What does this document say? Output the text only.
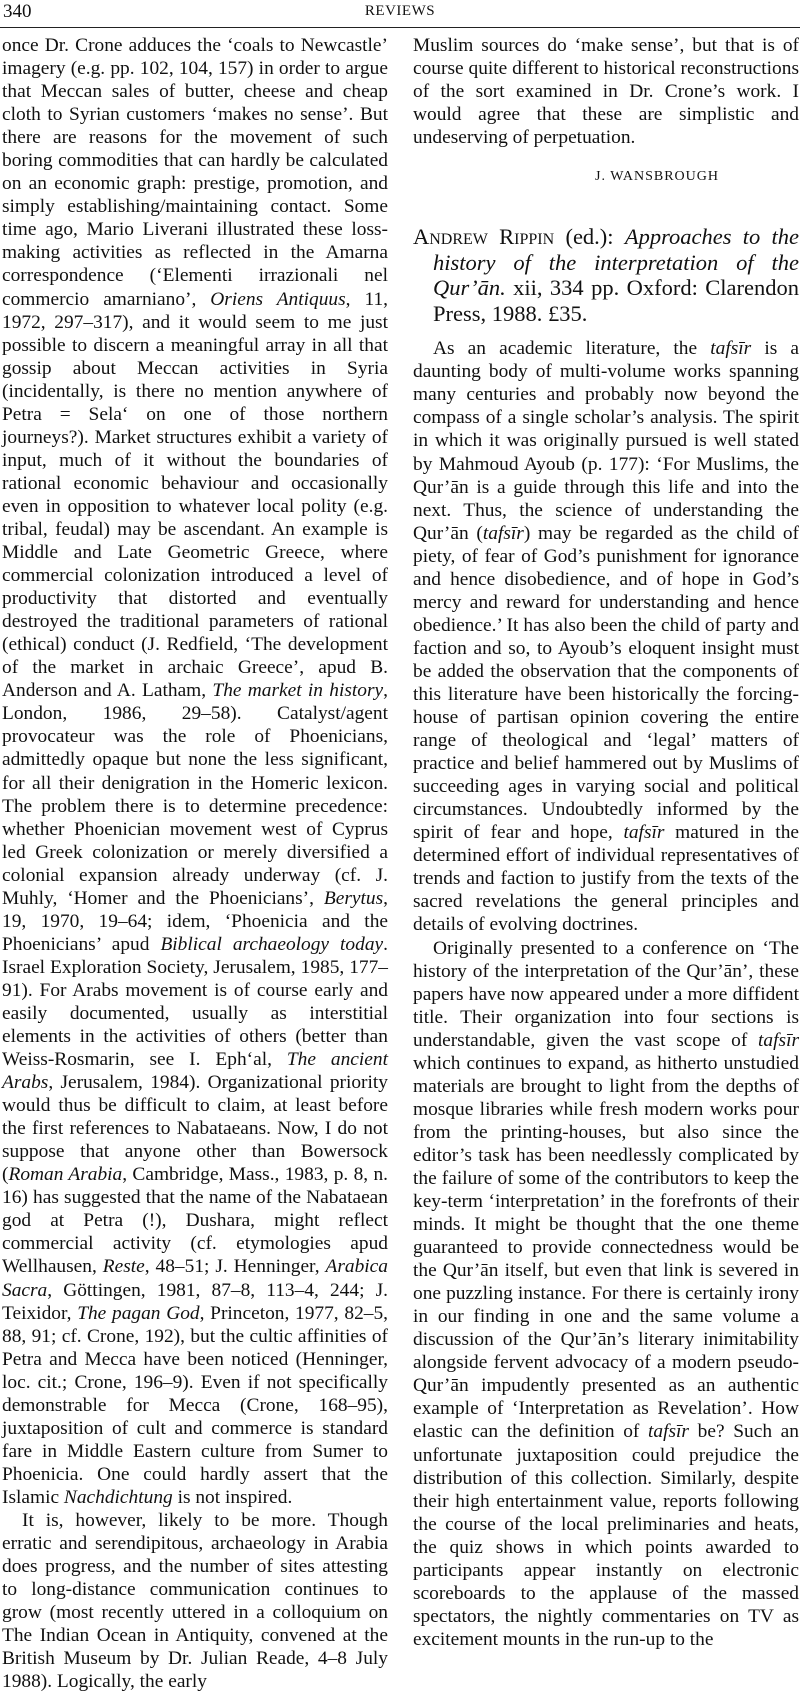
340	REVIEWS

once Dr. Crone adduces the ‘coals to Newcastle’ imagery (e.g. pp. 102, 104, 157) in order to argue that Meccan sales of butter, cheese and cheap cloth to Syrian customers ‘makes no sense’. But there are reasons for the movement of such boring commodities that can hardly be calculated on an economic graph: prestige, promotion, and simply establishing/maintaining contact. Some time ago, Mario Liverani illustrated these loss-making activities as reflected in the Amarna correspondence (‘Elementi irrazionali nel commercio amarniano’, Oriens Antiquus, 11, 1972, 297–317), and it would seem to me just possible to discern a meaningful array in all that gossip about Meccan activities in Syria (incidentally, is there no mention anywhere of Petra = Sela‘ on one of those northern journeys?). Market structures exhibit a variety of input, much of it without the boundaries of rational economic behaviour and occasionally even in opposition to whatever local polity (e.g. tribal, feudal) may be ascendant. An example is Middle and Late Geometric Greece, where commercial colonization introduced a level of productivity that distorted and eventually destroyed the traditional parameters of rational (ethical) conduct (J. Redfield, ‘The development of the market in archaic Greece’, apud B. Anderson and A. Latham, The market in history, London, 1986, 29–58). Catalyst/agent provocateur was the role of Phoenicians, admittedly opaque but none the less significant, for all their denigration in the Homeric lexicon. The problem there is to determine precedence: whether Phoenician movement west of Cyprus led Greek colonization or merely diversified a colonial expansion already underway (cf. J. Muhly, ‘Homer and the Phoenicians’, Berytus, 19, 1970, 19–64; idem, ‘Phoenicia and the Phoenicians’ apud Biblical archaeology today. Israel Exploration Society, Jerusalem, 1985, 177–91). For Arabs movement is of course early and easily documented, usually as interstitial elements in the activities of others (better than Weiss-Rosmarin, see I. Eph‘al, The ancient Arabs, Jerusalem, 1984). Organizational priority would thus be difficult to claim, at least before the first references to Nabataeans. Now, I do not suppose that anyone other than Bowersock (Roman Arabia, Cambridge, Mass., 1983, p. 8, n. 16) has suggested that the name of the Nabataean god at Petra (!), Dushara, might reflect commercial activity (cf. etymologies apud Wellhausen, Reste, 48–51; J. Henninger, Arabica Sacra, Göttingen, 1981, 87–8, 113–4, 244; J. Teixidor, The pagan God, Princeton, 1977, 82–5, 88, 91; cf. Crone, 192), but the cultic affinities of Petra and Mecca have been noticed (Henninger, loc. cit.; Crone, 196–9). Even if not specifically demonstrable for Mecca (Crone, 168–95), juxtaposition of cult and commerce is standard fare in Middle Eastern culture from Sumer to Phoenicia. One could hardly assert that the Islamic Nachdichtung is not inspired.

It is, however, likely to be more. Though erratic and serendipitous, archaeology in Arabia does progress, and the number of sites attesting to long-distance communication continues to grow (most recently uttered in a colloquium on The Indian Ocean in Antiquity, convened at the British Museum by Dr. Julian Reade, 4–8 July 1988). Logically, the early

Muslim sources do ‘make sense’, but that is of course quite different to historical reconstructions of the sort examined in Dr. Crone’s work. I would agree that these are simplistic and undeserving of perpetuation.

J. WANSBROUGH
Andrew Rippin (ed.): Approaches to the history of the interpretation of the Qur’ān. xii, 334 pp. Oxford: Clarendon Press, 1988. £35.

As an academic literature, the tafsīr is a daunting body of multi-volume works spanning many centuries and probably now beyond the compass of a single scholar’s analysis. The spirit in which it was originally pursued is well stated by Mahmoud Ayoub (p. 177): ‘For Muslims, the Qur’ān is a guide through this life and into the next. Thus, the science of understanding the Qur’ān (tafsīr) may be regarded as the child of piety, of fear of God’s punishment for ignorance and hence disobedience, and of hope in God’s mercy and reward for understanding and hence obedience.’ It has also been the child of party and faction and so, to Ayoub’s eloquent insight must be added the observation that the components of this literature have been historically the forcing-house of partisan opinion covering the entire range of theological and ‘legal’ matters of practice and belief hammered out by Muslims of succeeding ages in varying social and political circumstances. Undoubtedly informed by the spirit of fear and hope, tafsīr matured in the determined effort of individual representatives of trends and faction to justify from the texts of the sacred revelations the general principles and details of evolving doctrines.

Originally presented to a conference on ‘The history of the interpretation of the Qur’ān’, these papers have now appeared under a more diffident title. Their organization into four sections is understandable, given the vast scope of tafsīr which continues to expand, as hitherto unstudied materials are brought to light from the depths of mosque libraries while fresh modern works pour from the printing-houses, but also since the editor’s task has been needlessly complicated by the failure of some of the contributors to keep the key-term ‘interpretation’ in the forefronts of their minds. It might be thought that the one theme guaranteed to provide connectedness would be the Qur’ān itself, but even that link is severed in one puzzling instance. For there is certainly irony in our finding in one and the same volume a discussion of the Qur’ān’s literary inimitability alongside fervent advocacy of a modern pseudo-Qur’ān impudently presented as an authentic example of ‘Interpretation as Revelation’. How elastic can the definition of tafsīr be? Such an unfortunate juxtaposition could prejudice the distribution of this collection. Similarly, despite their high entertainment value, reports following the course of the local preliminaries and heats, the quiz shows in which points awarded to participants appear instantly on electronic scoreboards to the applause of the massed spectators, the nightly commentaries on TV as excitement mounts in the run-up to the
